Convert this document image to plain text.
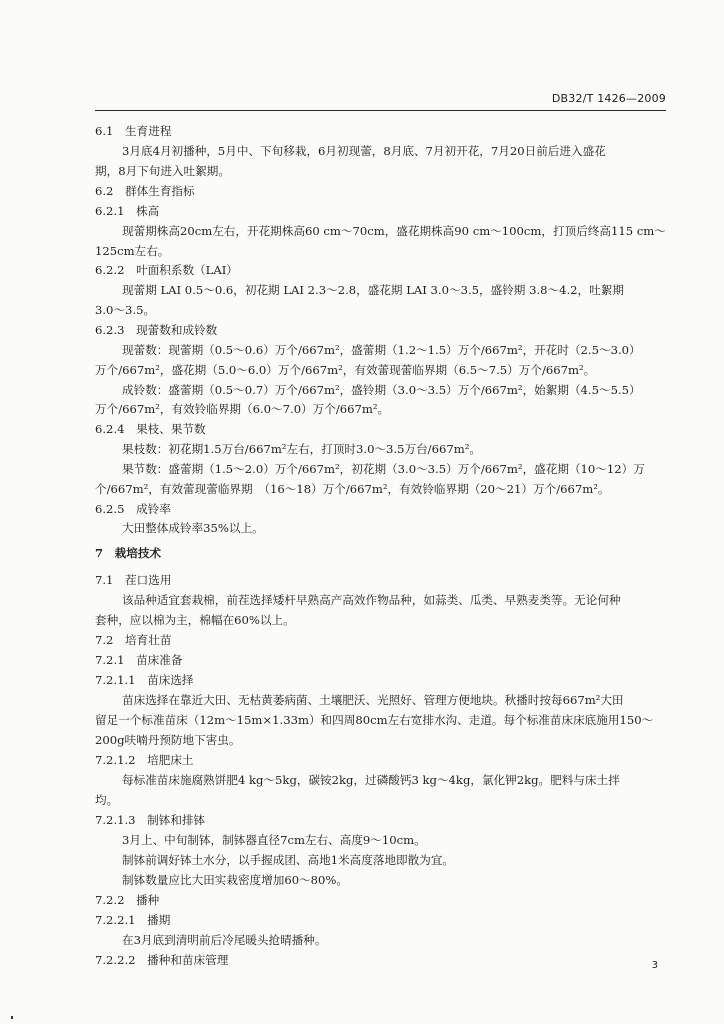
DB32/T 1426—2009
6.1　生育进程
3月底4月初播种，5月中、下旬移栽，6月初现蕾，8月底、7月初开花，7月20日前后进入盛花
期，8月下旬进入吐絮期。
6.2　群体生育指标
6.2.1　株高
现蕾期株高20cm左右，开花期株高60 cm～70cm，盛花期株高90 cm～100cm，打顶后终高115 cm～
125cm左右。
6.2.2　叶面积系数（LAI）
现蕾期 LAI 0.5～0.6，初花期 LAI 2.3～2.8，盛花期 LAI 3.0～3.5，盛铃期 3.8～4.2，吐絮期
3.0～3.5。
6.2.3　现蕾数和成铃数
现蕾数：现蕾期（0.5～0.6）万个/667m²，盛蕾期（1.2～1.5）万个/667m²，开花时（2.5～3.0）
万个/667m²，盛花期（5.0～6.0）万个/667m²，有效蕾现蕾临界期（6.5～7.5）万个/667m²。
成铃数：盛蕾期（0.5～0.7）万个/667m²，盛铃期（3.0～3.5）万个/667m²，始絮期（4.5～5.5）
万个/667m²，有效铃临界期（6.0～7.0）万个/667m²。
6.2.4　果枝、果节数
果枝数：初花期1.5万台/667m²左右，打顶时3.0～3.5万台/667m²。
果节数：盛蕾期（1.5～2.0）万个/667m²，初花期（3.0～3.5）万个/667m²，盛花期（10～12）万
个/667m²，有效蕾现蕾临界期　（16～18）万个/667m²，有效铃临界期（20～21）万个/667m²。
6.2.5　成铃率
大田整体成铃率35%以上。
7　栽培技术
7.1　茬口选用
该品种适宜套栽棉，前茬选择矮杆早熟高产高效作物品种，如蒜类、瓜类、早熟麦类等。无论何种
套种，应以棉为主，棉幅在60%以上。
7.2　培育壮苗
7.2.1　苗床准备
7.2.1.1　苗床选择
苗床选择在靠近大田、无枯黄萎病菌、土壤肥沃、光照好、管理方便地块。秋播时按每667m²大田
留足一个标准苗床（12m～15m×1.33m）和四周80cm左右宽排水沟、走道。每个标准苗床床底施用150～
200g呋喃丹预防地下害虫。
7.2.1.2　培肥床土
每标准苗床施腐熟饼肥4 kg～5kg，碳铵2kg，过磷酸钙3 kg～4kg，氯化钾2kg。肥料与床土拌
均。
7.2.1.3　制钵和排钵
3月上、中旬制钵，制钵器直径7cm左右、高度9～10cm。
制钵前调好钵土水分，以手握成团、高地1米高度落地即散为宜。
制钵数量应比大田实栽密度增加60～80%。
7.2.2　播种
7.2.2.1　播期
在3月底到清明前后冷尾暖头抢晴播种。
7.2.2.2　播种和苗床管理	3
